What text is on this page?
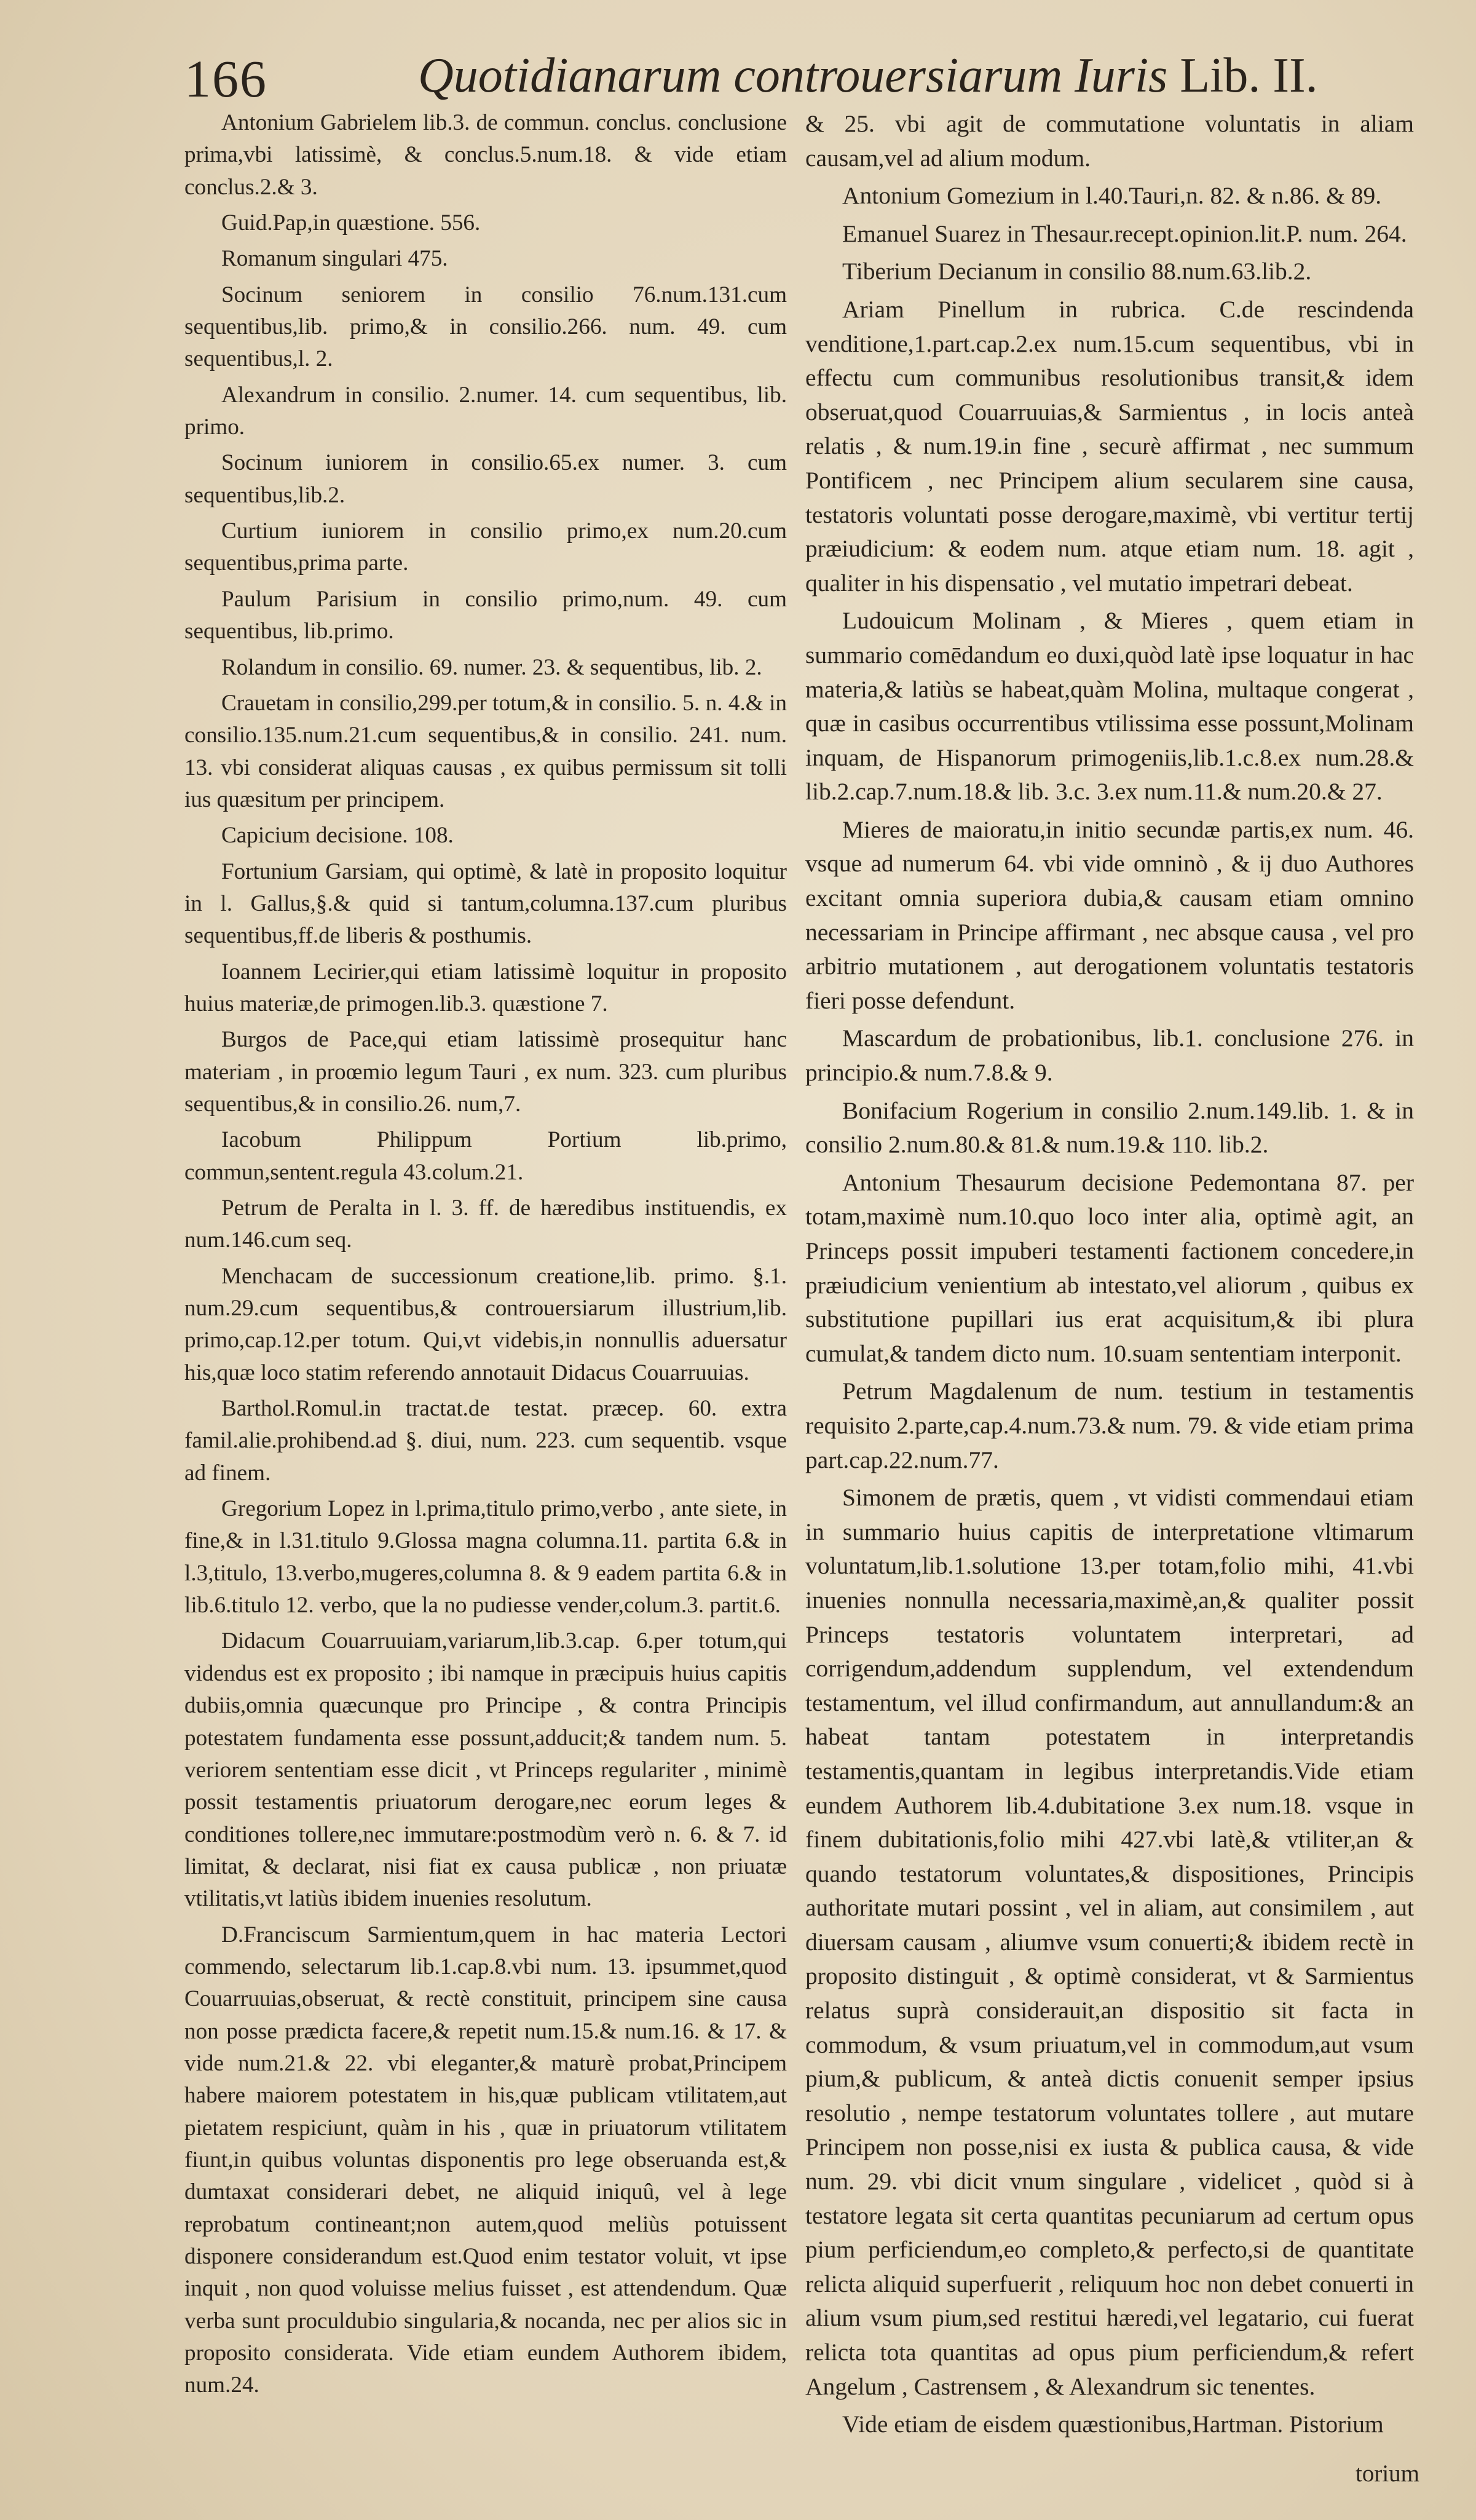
166	Quotidianarum controuersiarum Iuris Lib. II.

Antonium Gabrielem lib.3. de commun. conclus. conclusione prima,vbi latissimè, & conclus.5.num.18. & vide etiam conclus.2.& 3.

Guid.Pap,in quæstione. 556.

Romanum singulari 475.

Socinum seniorem in consilio 76.num.131.cum sequentibus,lib. primo,& in consilio.266. num. 49. cum sequentibus,l. 2.

Alexandrum in consilio. 2.numer. 14. cum sequentibus, lib. primo.

Socinum iuniorem in consilio.65.ex numer. 3. cum sequentibus,lib.2.

Curtium iuniorem in consilio primo,ex num.20.cum sequentibus,prima parte.

Paulum Parisium in consilio primo,num. 49. cum sequentibus, lib.primo.

Rolandum in consilio. 69. numer. 23. & sequentibus, lib. 2.

Crauetam in consilio,299.per totum,& in consilio. 5. n. 4.& in consilio.135.num.21.cum sequentibus,& in consilio. 241. num. 13. vbi considerat aliquas causas , ex quibus permissum sit tolli ius quæsitum per principem.

Capicium decisione. 108.

Fortunium Garsiam, qui optimè, & latè in proposito loquitur in l. Gallus,§.& quid si tantum,columna.137.cum pluribus sequentibus,ff.de liberis & posthumis.

Ioannem Lecirier,qui etiam latissimè loquitur in proposito huius materiæ,de primogen.lib.3. quæstione 7.

Burgos de Pace,qui etiam latissimè prosequitur hanc materiam , in proœmio legum Tauri , ex num. 323. cum pluribus sequentibus,& in consilio.26. num,7.

Iacobum Philippum Portium lib.primo, commun,sentent.regula 43.colum.21.

Petrum de Peralta in l. 3. ff. de hæredibus instituendis, ex num.146.cum seq.

Menchacam de successionum creatione,lib. primo. §.1. num.29.cum sequentibus,& controuersiarum illustrium,lib. primo,cap.12.per totum. Qui,vt videbis,in nonnullis aduersatur his,quæ loco statim referendo annotauit Didacus Couarruuias.

Barthol.Romul.in tractat.de testat. præcep. 60. extra famil.alie.prohibend.ad §. diui, num. 223. cum sequentib. vsque ad finem.

Gregorium Lopez in l.prima,titulo primo,verbo , ante siete, in fine,& in l.31.titulo 9.Glossa magna columna.11. partita 6.& in l.3,titulo, 13.verbo,mugeres,columna 8. & 9 eadem partita 6.& in lib.6.titulo 12. verbo, que la no pudiesse vender,colum.3. partit.6.

Didacum Couarruuiam,variarum,lib.3.cap. 6.per totum,qui videndus est ex proposito ; ibi namque in præcipuis huius capitis dubiis,omnia quæcunque pro Principe , & contra Principis potestatem fundamenta esse possunt,adducit;& tandem num. 5. veriorem sententiam esse dicit , vt Princeps regulariter , minimè possit testamentis priuatorum derogare,nec eorum leges & conditiones tollere,nec immutare:postmodùm verò n. 6. & 7. id limitat, & declarat, nisi fiat ex causa publicæ , non priuatæ vtilitatis,vt latiùs ibidem inuenies resolutum.

D.Franciscum Sarmientum,quem in hac materia Lectori commendo, selectarum lib.1.cap.8.vbi num. 13. ipsummet,quod Couarruuias,obseruat, & rectè constituit, principem sine causa non posse prædicta facere,& repetit num.15.& num.16. & 17. & vide num.21.& 22. vbi eleganter,& maturè probat,Principem habere maiorem potestatem in his,quæ publicam vtilitatem,aut pietatem respiciunt, quàm in his , quæ in priuatorum vtilitatem fiunt,in quibus voluntas disponentis pro lege obseruanda est,& dumtaxat considerari debet, ne aliquid iniquû, vel à lege reprobatum contineant;non autem,quod meliùs potuissent disponere considerandum est.Quod enim testator voluit, vt ipse inquit , non quod voluisse melius fuisset , est attendendum. Quæ verba sunt proculdubio singularia,& nocanda, nec per alios sic in proposito considerata. Vide etiam eundem Authorem ibidem, num.24.

& 25. vbi agit de commutatione voluntatis in aliam causam,vel ad alium modum.

Antonium Gomezium in l.40.Tauri,n. 82. & n.86. & 89.

Emanuel Suarez in Thesaur.recept.opinion.lit.P. num. 264.

Tiberium Decianum in consilio 88.num.63.lib.2.

Ariam Pinellum in rubrica. C.de rescindenda venditione,1.part.cap.2.ex num.15.cum sequentibus, vbi in effectu cum communibus resolutionibus transit,& idem obseruat,quod Couarruuias,& Sarmientus , in locis anteà relatis , & num.19.in fine , securè affirmat , nec summum Pontificem , nec Principem alium secularem sine causa, testatoris voluntati posse derogare,maximè, vbi vertitur tertij præiudicium: & eodem num. atque etiam num. 18. agit , qualiter in his dispensatio , vel mutatio impetrari debeat.

Ludouicum Molinam , & Mieres , quem etiam in summario comēdandum eo duxi,quòd latè ipse loquatur in hac materia,& latiùs se habeat,quàm Molina, multaque congerat , quæ in casibus occurrentibus vtilissima esse possunt,Molinam inquam, de Hispanorum primogeniis,lib.1.c.8.ex num.28.& lib.2.cap.7.num.18.& lib. 3.c. 3.ex num.11.& num.20.& 27.

Mieres de maioratu,in initio secundæ partis,ex num. 46. vsque ad numerum 64. vbi vide omninò , & ij duo Authores excitant omnia superiora dubia,& causam etiam omnino necessariam in Principe affirmant , nec absque causa , vel pro arbitrio mutationem , aut derogationem voluntatis testatoris fieri posse defendunt.

Mascardum de probationibus, lib.1. conclusione 276. in principio.& num.7.8.& 9.

Bonifacium Rogerium in consilio 2.num.149.lib. 1. & in consilio 2.num.80.& 81.& num.19.& 110. lib.2.

Antonium Thesaurum decisione Pedemontana 87. per totam,maximè num.10.quo loco inter alia, optimè agit, an Princeps possit impuberi testamenti factionem concedere,in præiudicium venientium ab intestato,vel aliorum , quibus ex substitutione pupillari ius erat acquisitum,& ibi plura cumulat,& tandem dicto num. 10.suam sententiam interponit.

Petrum Magdalenum de num. testium in testamentis requisito 2.parte,cap.4.num.73.& num. 79. & vide etiam prima part.cap.22.num.77.

Simonem de prætis, quem , vt vidisti commendaui etiam in summario huius capitis de interpretatione vltimarum voluntatum,lib.1.solutione 13.per totam,folio mihi, 41.vbi inuenies nonnulla necessaria,maximè,an,& qualiter possit Princeps testatoris voluntatem interpretari, ad corrigendum,addendum supplendum, vel extendendum testamentum, vel illud confirmandum, aut annullandum:& an habeat tantam potestatem in interpretandis testamentis,quantam in legibus interpretandis.Vide etiam eundem Authorem lib.4.dubitatione 3.ex num.18. vsque in finem dubitationis,folio mihi 427.vbi latè,& vtiliter,an & quando testatorum voluntates,& dispositiones, Principis authoritate mutari possint , vel in aliam, aut consimilem , aut diuersam causam , aliumve vsum conuerti;& ibidem rectè in proposito distinguit , & optimè considerat, vt & Sarmientus relatus suprà considerauit,an dispositio sit facta in commodum, & vsum priuatum,vel in commodum,aut vsum pium,& publicum, & anteà dictis conuenit semper ipsius resolutio , nempe testatorum voluntates tollere , aut mutare Principem non posse,nisi ex iusta & publica causa, & vide num. 29. vbi dicit vnum singulare , videlicet , quòd si à testatore legata sit certa quantitas pecuniarum ad certum opus pium perficiendum,eo completo,& perfecto,si de quantitate relicta aliquid superfuerit , reliquum hoc non debet conuerti in alium vsum pium,sed restitui hæredi,vel legatario, cui fuerat relicta tota quantitas ad opus pium perficiendum,& refert Angelum , Castrensem , & Alexandrum sic tenentes.

Vide etiam de eisdem quæstionibus,Hartman. Pistorium

torium
